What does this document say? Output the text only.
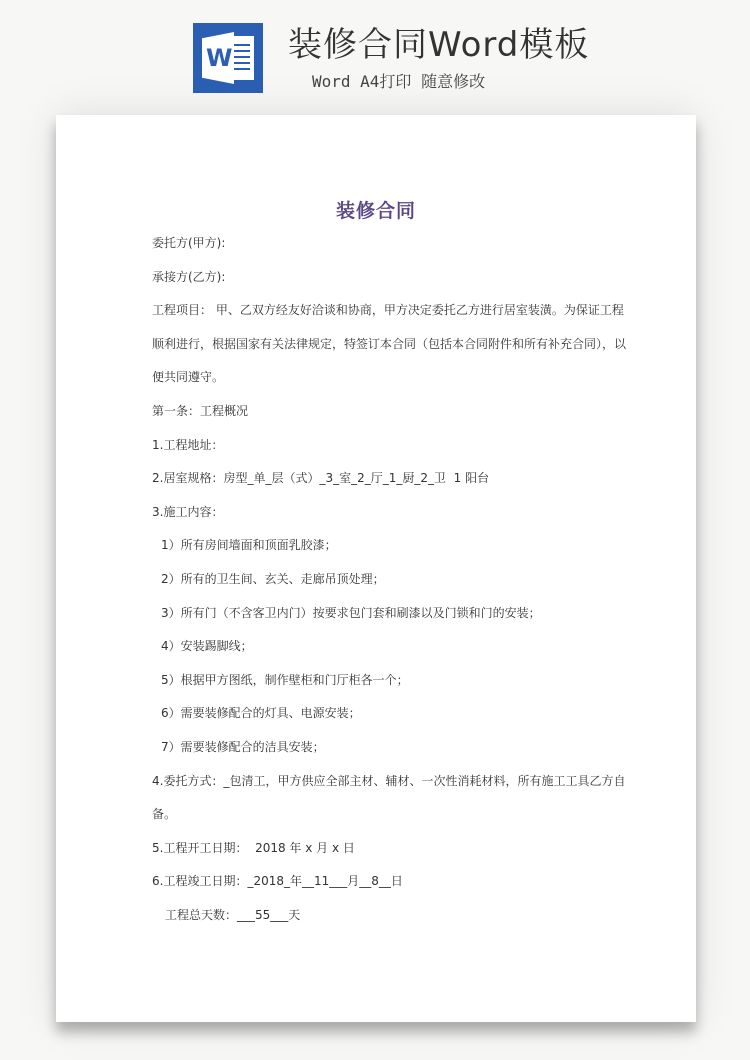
W 装修合同Word模板
Word A4打印 随意修改
装修合同
委托方(甲方):
承接方(乙方):
工程项目： 甲、乙双方经友好洽谈和协商，甲方决定委托乙方进行居室装潢。为保证工程
顺利进行，根据国家有关法律规定，特签订本合同（包括本合同附件和所有补充合同），以
便共同遵守。
第一条：工程概况
1.工程地址：
2.居室规格：房型_单_层（式）_3_室_2_厅_1_厨_2_卫  1 阳台
3.施工内容：
1）所有房间墙面和顶面乳胶漆；
2）所有的卫生间、玄关、走廊吊顶处理；
3）所有门（不含客卫内门）按要求包门套和刷漆以及门锁和门的安装；
4）安装踢脚线；
5）根据甲方图纸，制作壁柜和门厅柜各一个；
6）需要装修配合的灯具、电源安装；
7）需要装修配合的洁具安装；
4.委托方式：_包清工，甲方供应全部主材、辅材、一次性消耗材料，所有施工工具乙方自
备。
5.工程开工日期：  2018 年 x 月 x 日
6.工程竣工日期：_2018_年__11___月__8__日
工程总天数：___55___天
